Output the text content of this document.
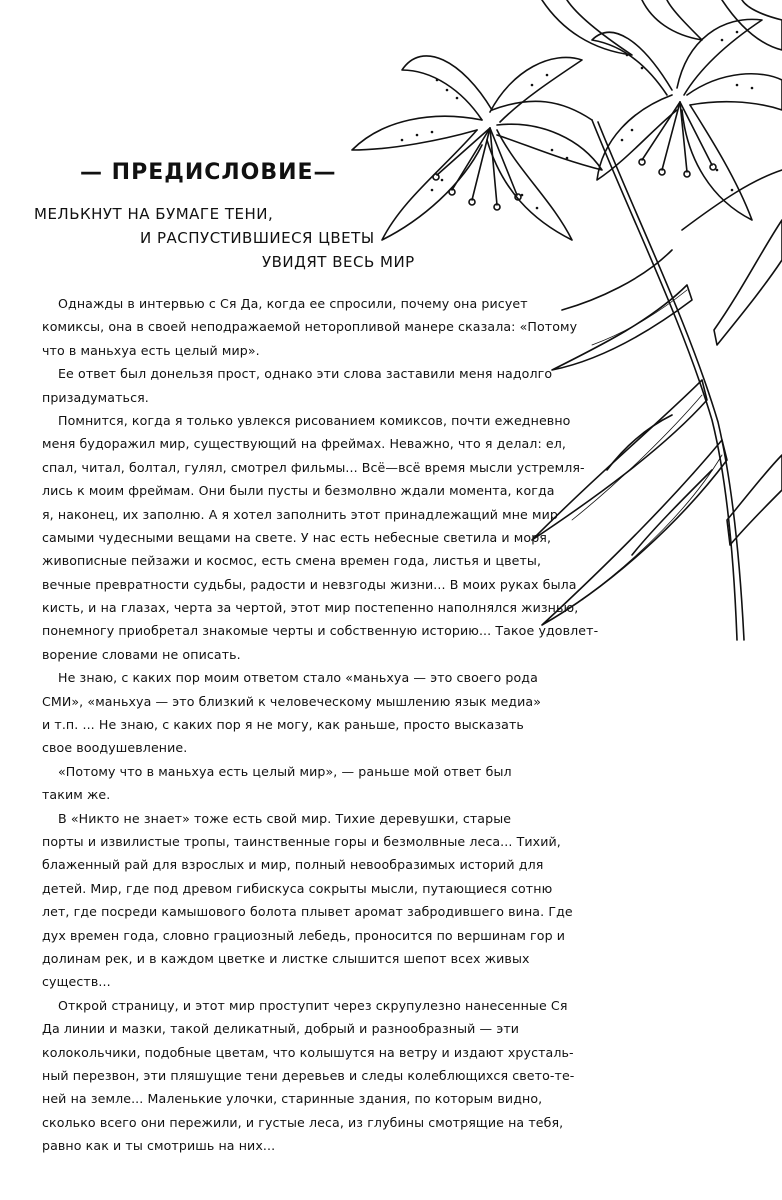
— ПРЕДИСЛОВИЕ—
МЕЛЬКНУТ НА БУМАГЕ ТЕНИ,
И РАСПУСТИВШИЕСЯ ЦВЕТЫ
УВИДЯТ ВЕСЬ МИР
Однажды в интервью с Ся Да, когда ее спросили, почему она рисует
комиксы, она в своей неподражаемой неторопливой манере сказала: «Потому
что в маньхуа есть целый мир».
Ее ответ был донельзя прост, однако эти слова заставили меня надолго
призадуматься.
Помнится, когда я только увлекся рисованием комиксов, почти ежедневно
меня будоражил мир, существующий на фреймах. Неважно, что я делал: ел,
спал, читал, болтал, гулял, смотрел фильмы... Всё—всё время мысли устремля-
лись к моим фреймам. Они были пусты и безмолвно ждали момента, когда
я, наконец, их заполню. А я хотел заполнить этот принадлежащий мне мир
самыми чудесными вещами на свете. У нас есть небесные светила и моря,
живописные пейзажи и космос, есть смена времен года, листья и цветы,
вечные превратности судьбы, радости и невзгоды жизни... В моих руках была
кисть, и на глазах, черта за чертой, этот мир постепенно наполнялся жизнью,
понемногу приобретал знакомые черты и собственную историю... Такое удовлет-
ворение словами не описать.
Не знаю, с каких пор моим ответом стало «маньхуа — это своего рода
СМИ», «маньхуа — это близкий к человеческому мышлению язык медиа»
и т.п. ... Не знаю, с каких пор я не могу, как раньше, просто высказать
свое воодушевление.
«Потому что в маньхуа есть целый мир», — раньше мой ответ был
таким же.
В «Никто не знает» тоже есть свой мир. Тихие деревушки, старые
порты и извилистые тропы, таинственные горы и безмолвные леса... Тихий,
блаженный рай для взрослых и мир, полный невообразимых историй для
детей. Мир, где под древом гибискуса сокрыты мысли, путающиеся сотню
лет, где посреди камышового болота плывет аромат забродившего вина. Где
дух времен года, словно грациозный лебедь, проносится по вершинам гор и
долинам рек, и в каждом цветке и листке слышится шепот всех живых
существ...
Открой страницу, и этот мир проступит через скрупулезно нанесенные Ся
Да линии и мазки, такой деликатный, добрый и разнообразный — эти
колокольчики, подобные цветам, что колышутся на ветру и издают хрусталь-
ный перезвон, эти пляшущие тени деревьев и следы колеблющихся свето-те-
ней на земле... Маленькие улочки, старинные здания, по которым видно,
сколько всего они пережили, и густые леса, из глубины смотрящие на тебя,
равно как и ты смотришь на них...
